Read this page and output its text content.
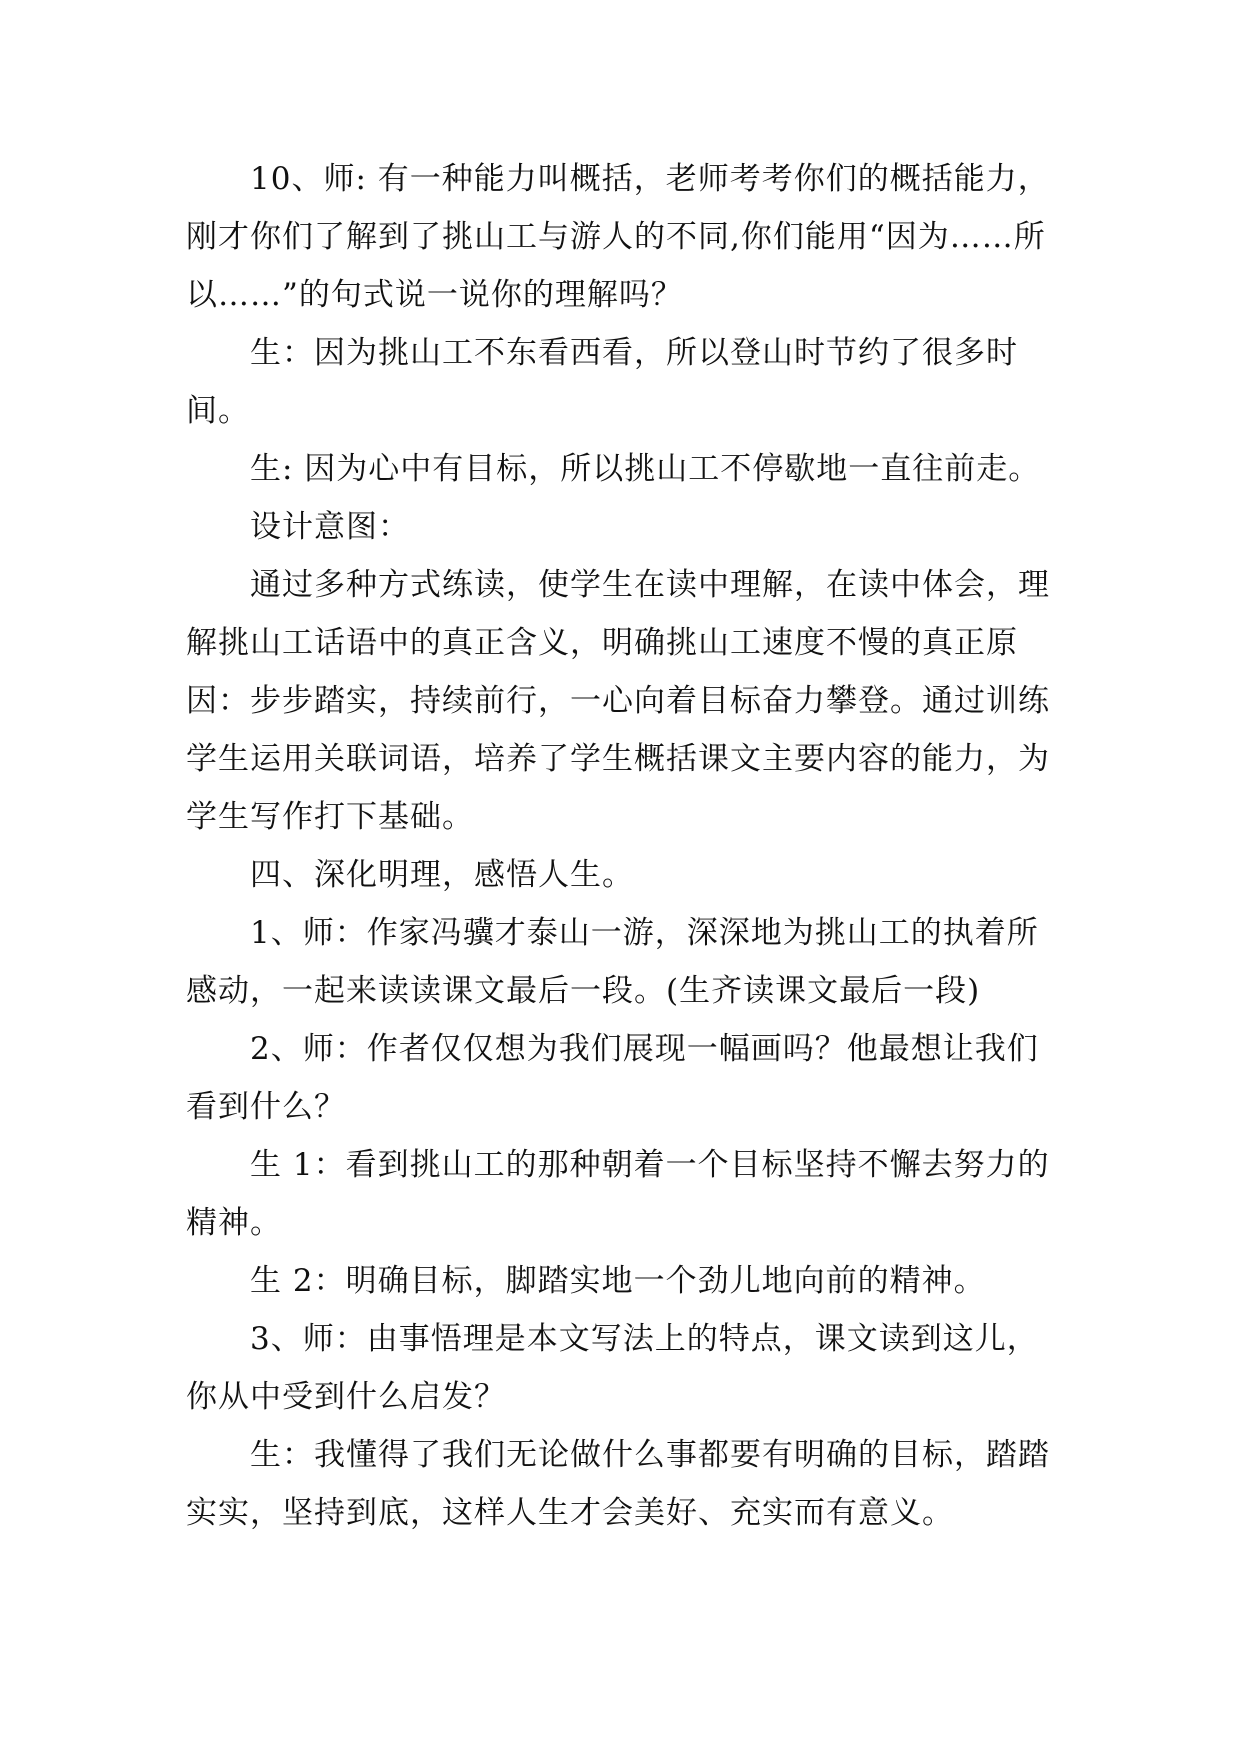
10、师: 有一种能力叫概括，老师考考你们的概括能力，刚才你们了解到了挑山工与游人的不同,你们能用“因为……所以……”的句式说一说你的理解吗？

生：因为挑山工不东看西看，所以登山时节约了很多时间。

生: 因为心中有目标，所以挑山工不停歇地一直往前走。

设计意图：

通过多种方式练读，使学生在读中理解，在读中体会，理解挑山工话语中的真正含义，明确挑山工速度不慢的真正原因：步步踏实，持续前行，一心向着目标奋力攀登。通过训练学生运用关联词语，培养了学生概括课文主要内容的能力，为学生写作打下基础。

四、深化明理，感悟人生。

1、师：作家冯骥才泰山一游，深深地为挑山工的执着所感动，一起来读读课文最后一段。(生齐读课文最后一段)

2、师：作者仅仅想为我们展现一幅画吗？他最想让我们看到什么？

生 1：看到挑山工的那种朝着一个目标坚持不懈去努力的精神。

生 2：明确目标，脚踏实地一个劲儿地向前的精神。

3、师：由事悟理是本文写法上的特点，课文读到这儿，你从中受到什么启发？

生：我懂得了我们无论做什么事都要有明确的目标，踏踏实实，坚持到底，这样人生才会美好、充实而有意义。
